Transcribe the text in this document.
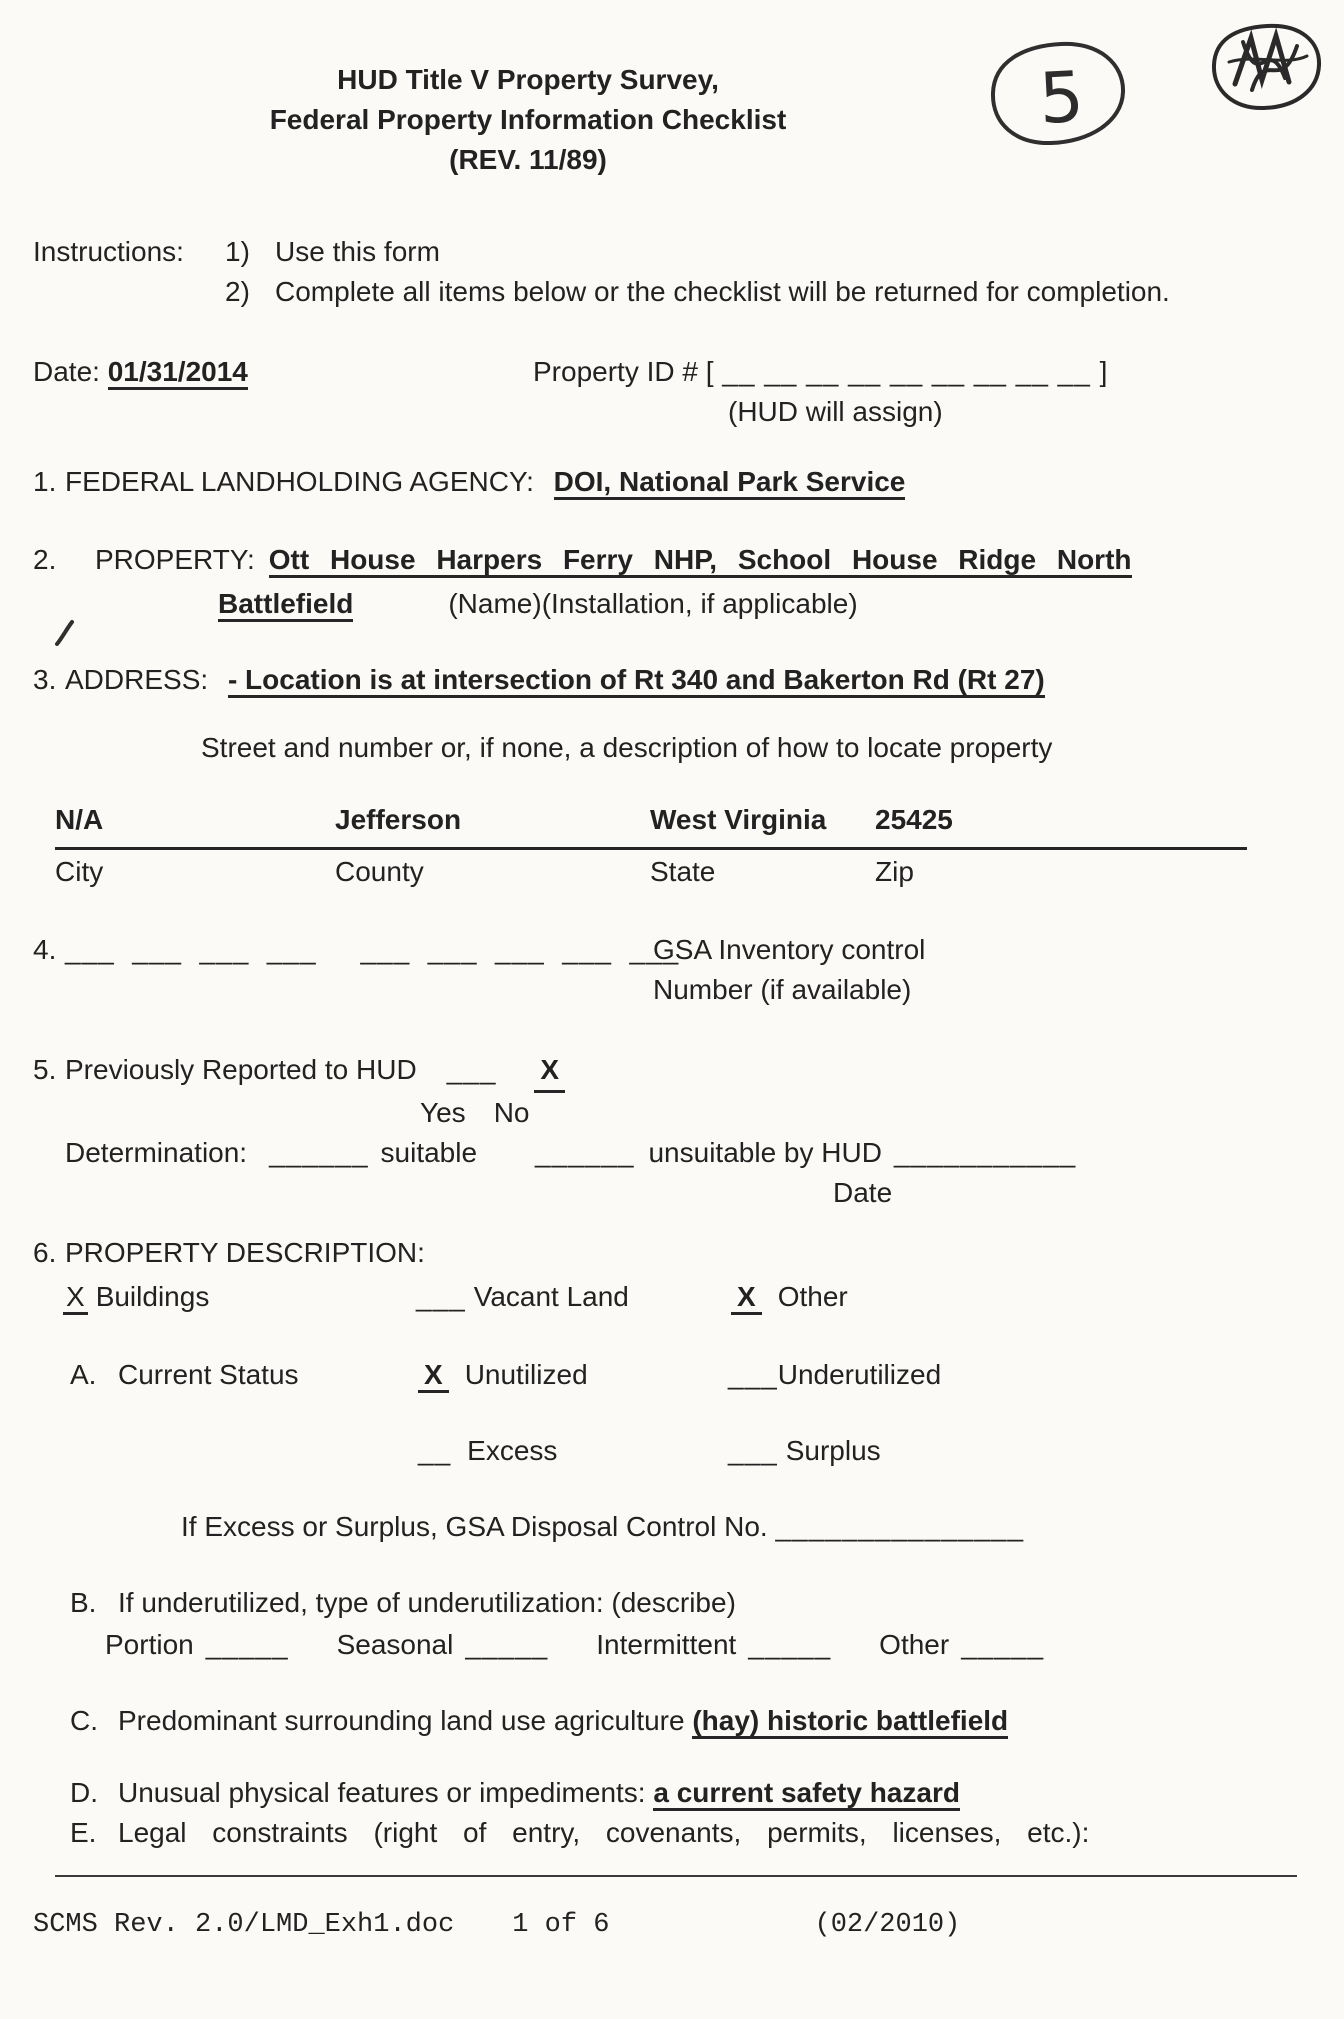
5
HUD Title V Property Survey,
Federal Property Information Checklist
(REV. 11/89)
Instructions:	1) Use this form
2) Complete all items below or the checklist will be returned for completion.
Date: 01/31/2014	Property ID # [ __ __ __ __ __ __ __ __ __ ]
(HUD will assign)
1. FEDERAL LANDHOLDING AGENCY: DOI, National Park Service
2.	PROPERTY: Ott House Harpers Ferry NHP, School House Ridge North
Battlefield	(Name)(Installation, if applicable)
3. ADDRESS: - Location is at intersection of Rt 340 and Bakerton Rd (Rt 27)
Street and number or, if none, a description of how to locate property
N/A	Jefferson	West Virginia	25425
City	County	State	Zip
4. ___  ___  ___  ___     ___  ___  ___  ___  ___
GSA Inventory control
Number (if available)
5. Previously Reported to HUD ___ X
Yes No
Determination: ______ suitable ______ unsuitable by HUD ___________
Date
6. PROPERTY DESCRIPTION:
X Buildings	___ Vacant Land	X Other
A. Current Status	X Unutilized	___Underutilized
__ Excess	___ Surplus
If Excess or Surplus, GSA Disposal Control No. _______________
B. If underutilized, type of underutilization: (describe)
Portion _____ Seasonal _____ Intermittent _____ Other _____
C. Predominant surrounding land use agriculture (hay) historic battlefield
D. Unusual physical features or impediments: a current safety hazard
E. Legal constraints (right of entry, covenants, permits, licenses, etc.):
SCMS Rev. 2.0/LMD_Exh1.doc 1 of 6	(02/2010)
